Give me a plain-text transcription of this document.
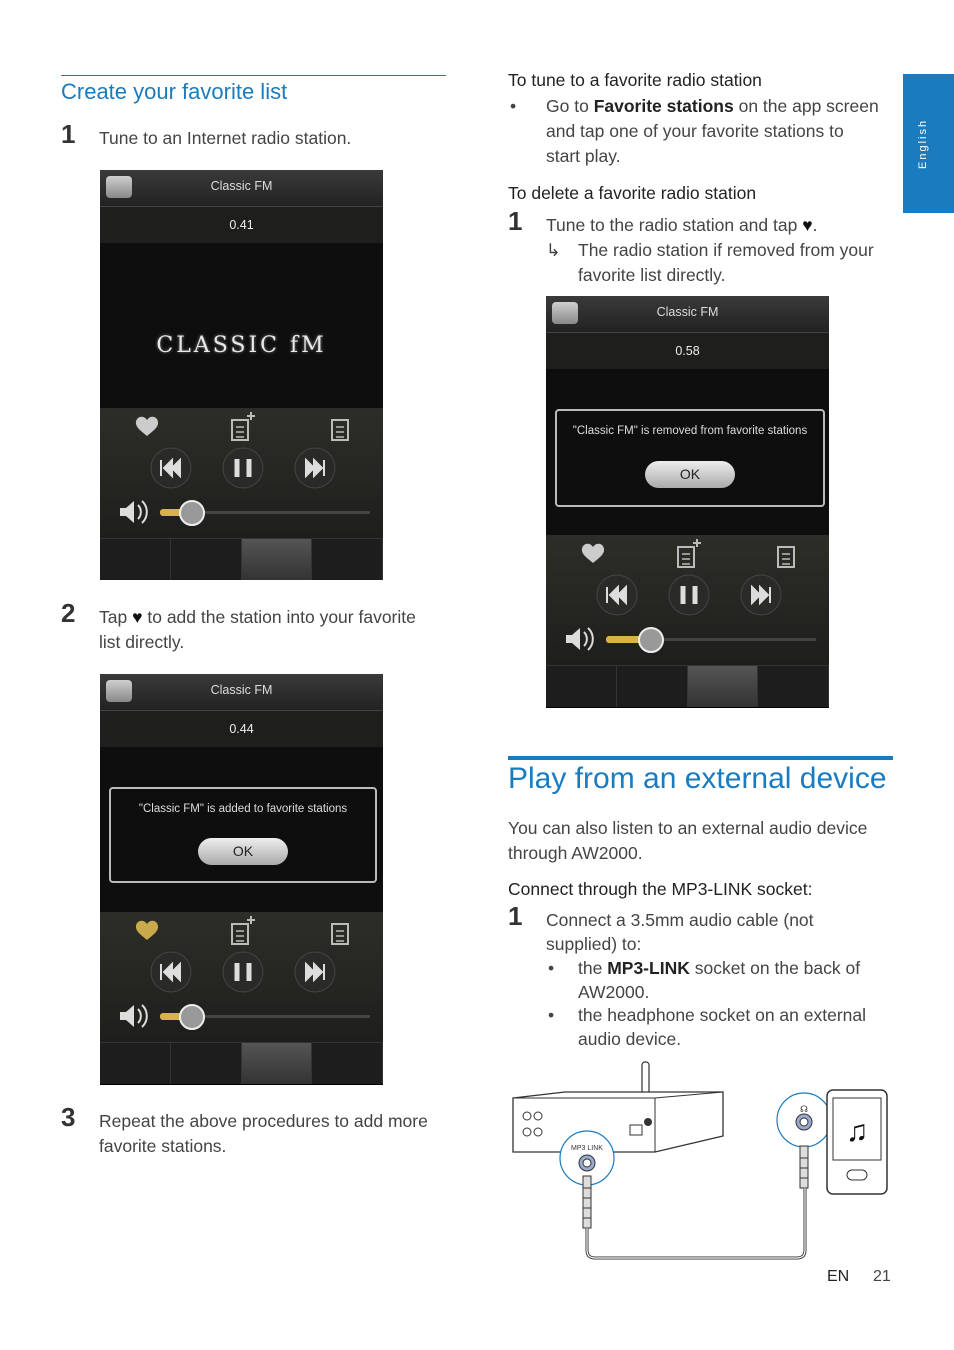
English
Create your favorite list
1 Tune to an Internet radio station.
Classic FM
0.41
CLASSIC fM
2 Tap ♥ to add the station into your favorite
list directly.
Classic FM
0.44
"Classic FM" is added to favorite stations
OK
3 Repeat the above procedures to add more
favorite stations.
To tune to a favorite radio station
• Go to Favorite stations on the app screen
and tap one of your favorite stations to
start play.
To delete a favorite radio station
1 Tune to the radio station and tap ♥.
↳ The radio station if removed from your
favorite list directly.
Classic FM
0.58
"Classic FM" is removed from favorite stations
OK
Play from an external device
You can also listen to an external audio device
through AW2000.
Connect through the MP3-LINK socket:
1 Connect a 3.5mm audio cable (not
supplied) to:
• the MP3-LINK socket on the back of
AW2000.
• the headphone socket on an external
audio device.
MP3 LINK
☊
♫
EN 21
